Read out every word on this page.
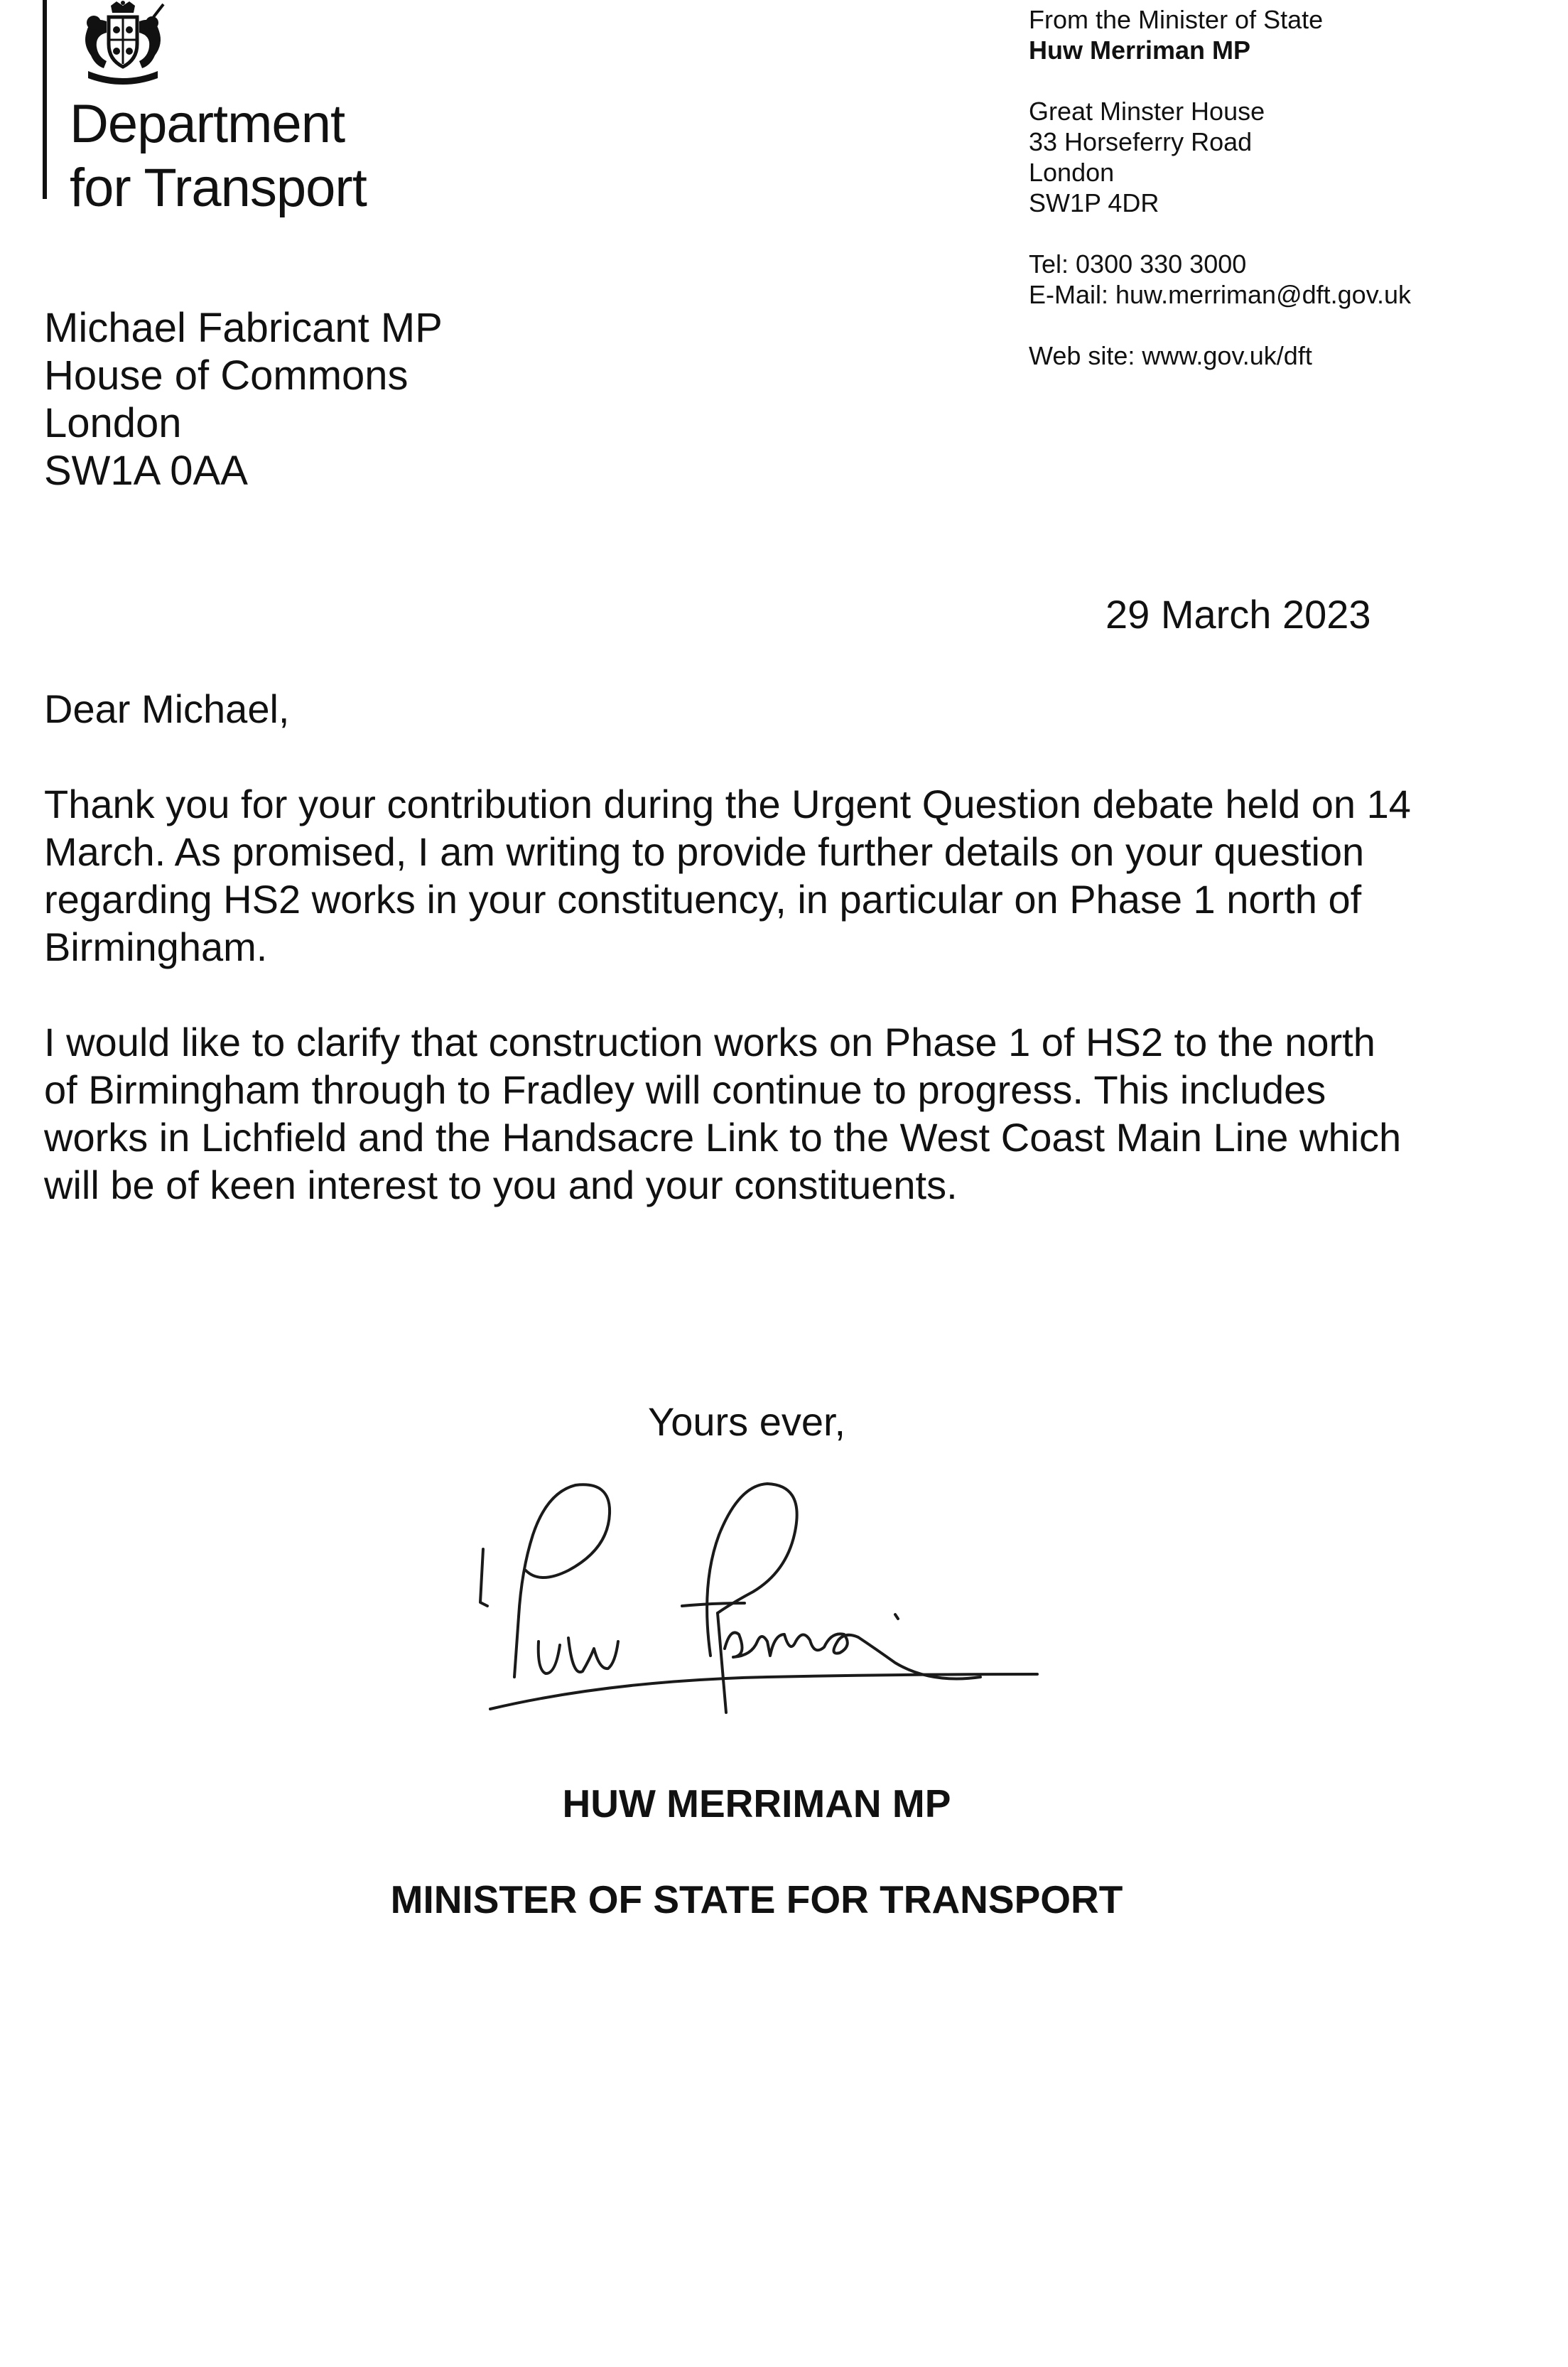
Department
for Transport
From the Minister of State
Huw Merriman MP
Great Minster House
33 Horseferry Road
London
SW1P 4DR
Tel: 0300 330 3000
E-Mail: huw.merriman@dft.gov.uk
Web site: www.gov.uk/dft
Michael Fabricant MP
House of Commons
London
SW1A 0AA
29 March 2023
Dear Michael,
Thank you for your contribution during the Urgent Question debate held on 14
March. As promised, I am writing to provide further details on your question
regarding HS2 works in your constituency, in particular on Phase 1 north of
Birmingham.
I would like to clarify that construction works on Phase 1 of HS2 to the north
of Birmingham through to Fradley will continue to progress. This includes
works in Lichfield and the Handsacre Link to the West Coast Main Line which
will be of keen interest to you and your constituents.
Yours ever,
HUW MERRIMAN MP
MINISTER OF STATE FOR TRANSPORT
